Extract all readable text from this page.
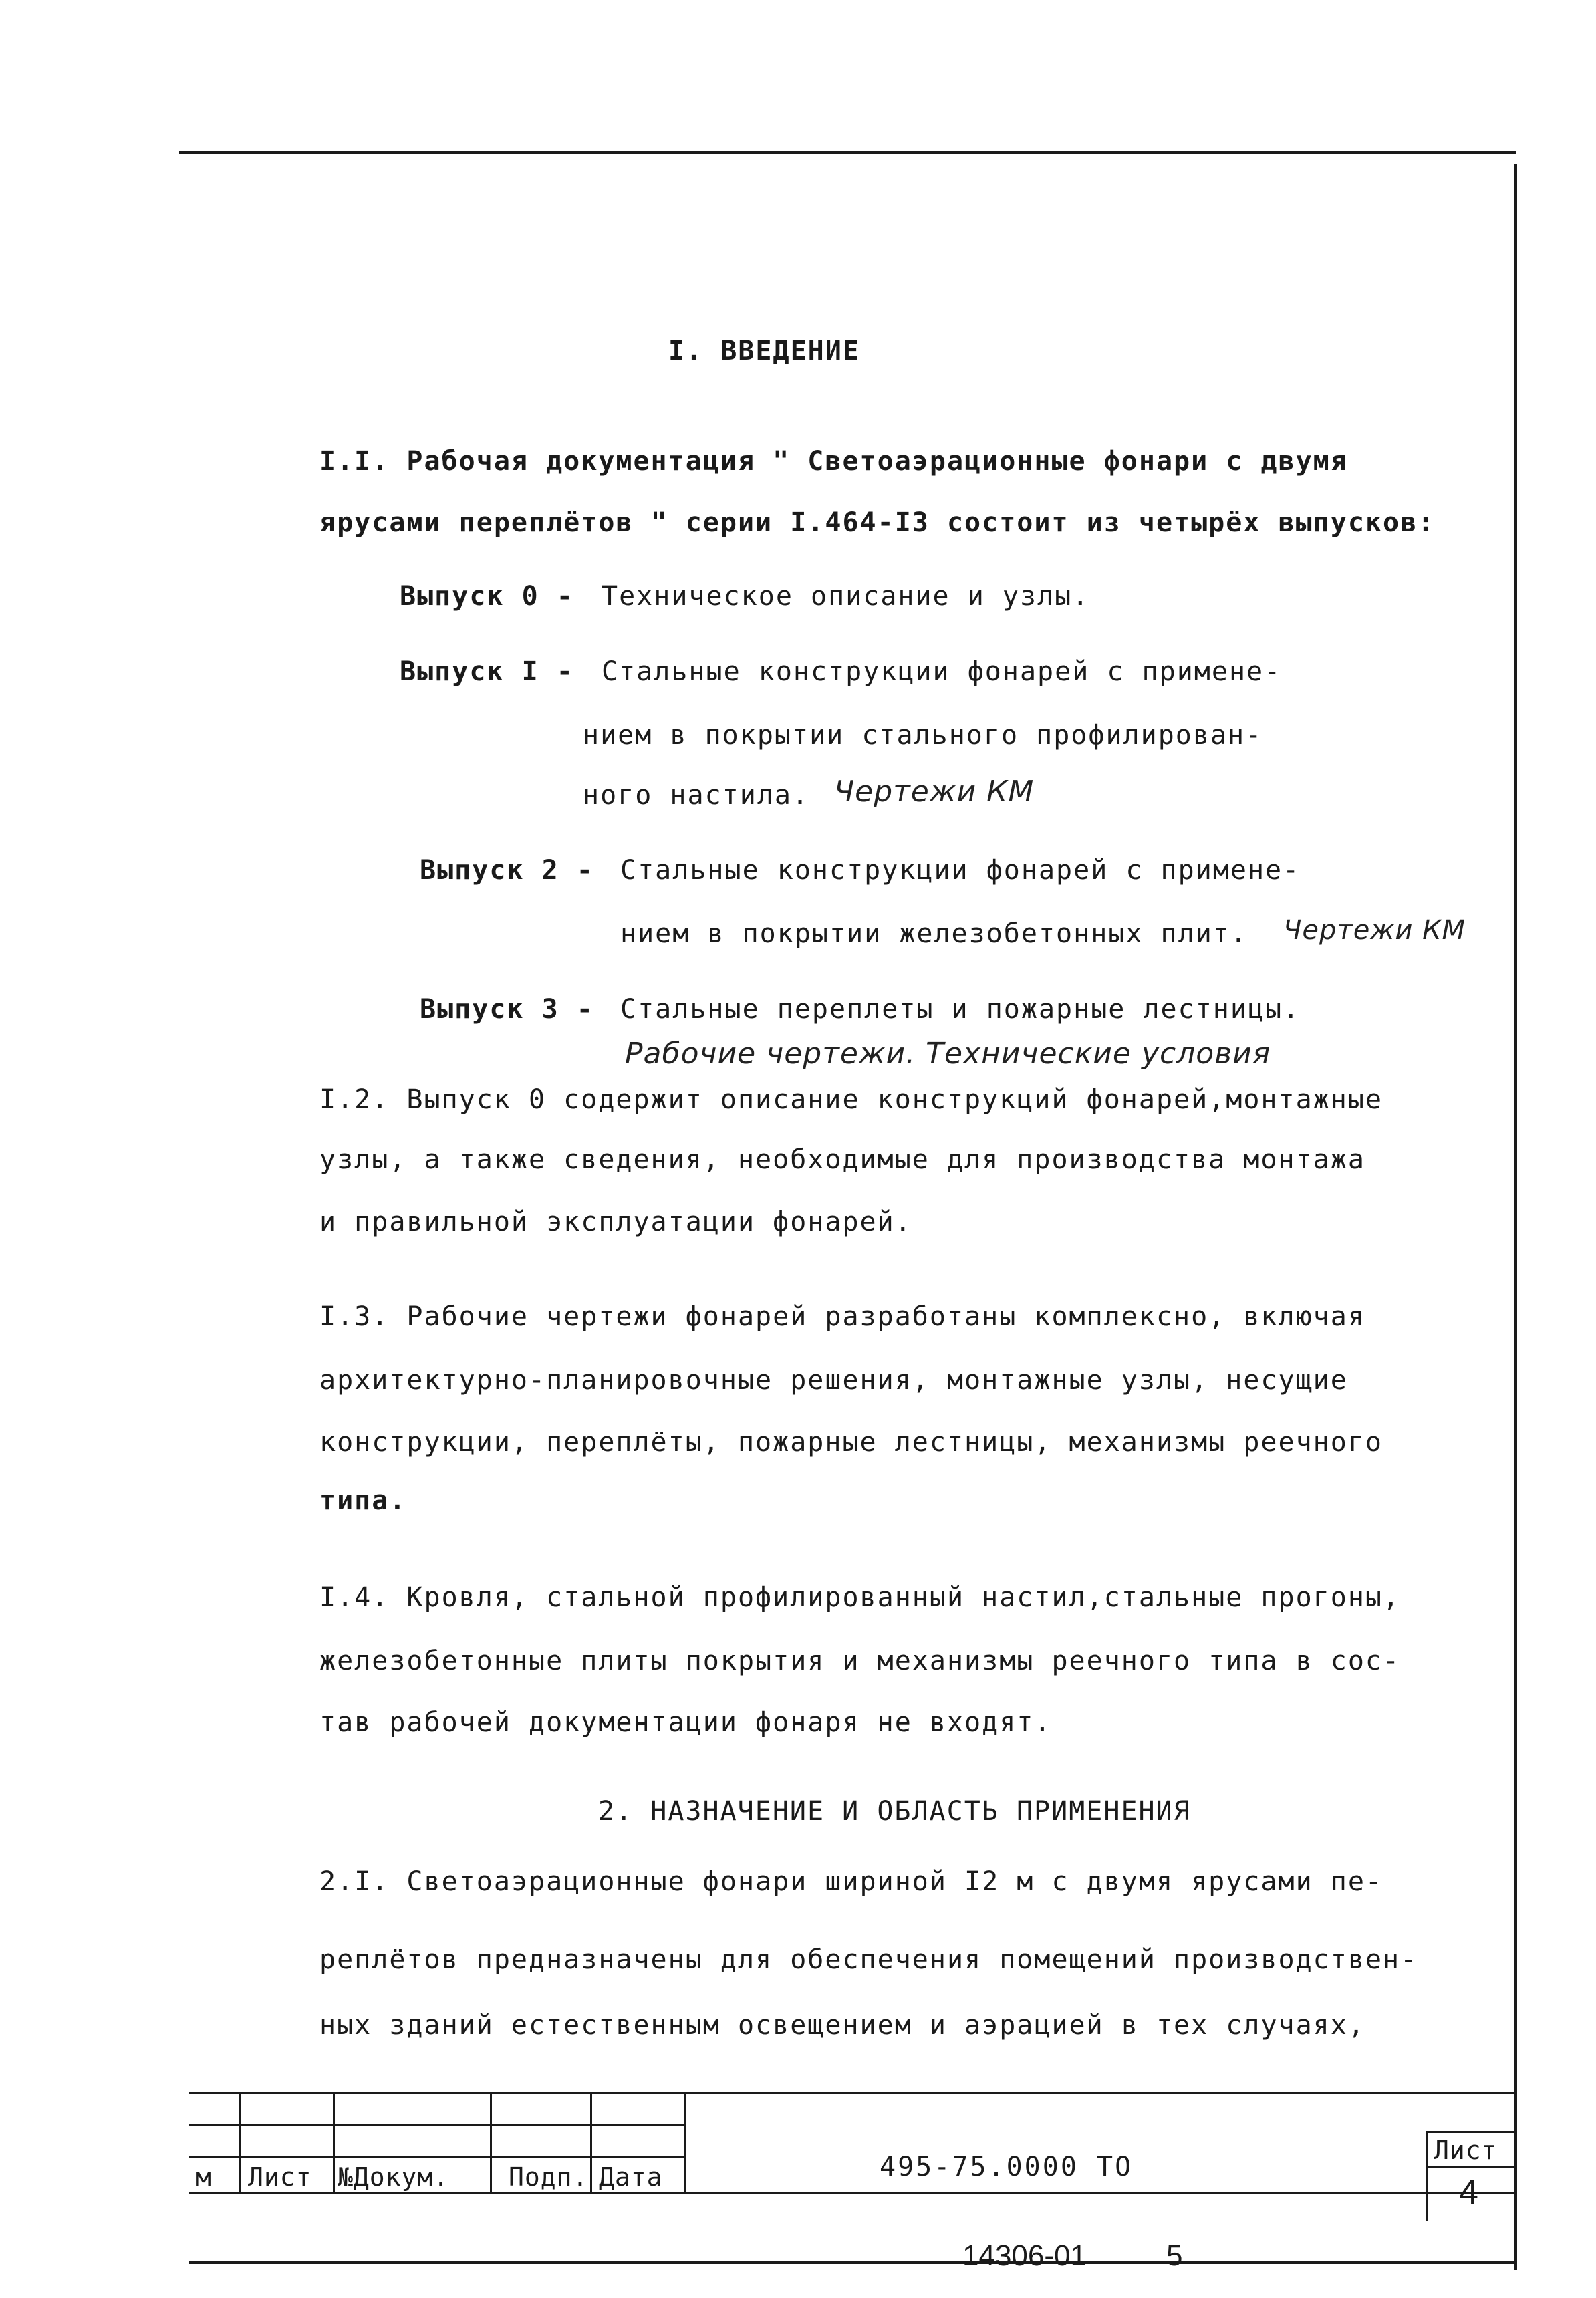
I. ВВЕДЕНИЕ
I.I. Рабочая документация " Светоаэрационные фонари с двумя
ярусами переплётов " серии I.464-I3 состоит из четырёх выпусков:
Выпуск 0 - Техническое описание и узлы.
Выпуск I - Стальные конструкции фонарей с примене-
нием в покрытии стального профилирован-
ного настила. Чертежи КМ
Выпуск 2 - Стальные конструкции фонарей с примене-
нием в покрытии железобетонных плит. Чертежи КМ
Выпуск 3 - Стальные переплеты и пожарные лестницы.
Рабочие чертежи. Технические условия
I.2. Выпуск 0 содержит описание конструкций фонарей,монтажные
узлы, а также сведения, необходимые для производства монтажа
и правильной эксплуатации фонарей.
I.3. Рабочие чертежи фонарей разработаны комплексно, включая
архитектурно-планировочные решения, монтажные узлы, несущие
конструкции, переплёты, пожарные лестницы, механизмы реечного
типа.
I.4. Кровля, стальной профилированный настил,стальные прогоны,
железобетонные плиты покрытия и механизмы реечного типа в сос-
тав рабочей документации фонаря не входят.
2. НАЗНАЧЕНИЕ И ОБЛАСТЬ ПРИМЕНЕНИЯ
2.I. Светоаэрационные фонари шириной I2 м с двумя ярусами пе-
реплётов предназначены для обеспечения помещений производствен-
ных зданий естественным освещением и аэрацией в тех случаях,
м Лист №Докум. Подп. Дата	495-75.0000 ТО
Лист
4
14306-01	5
